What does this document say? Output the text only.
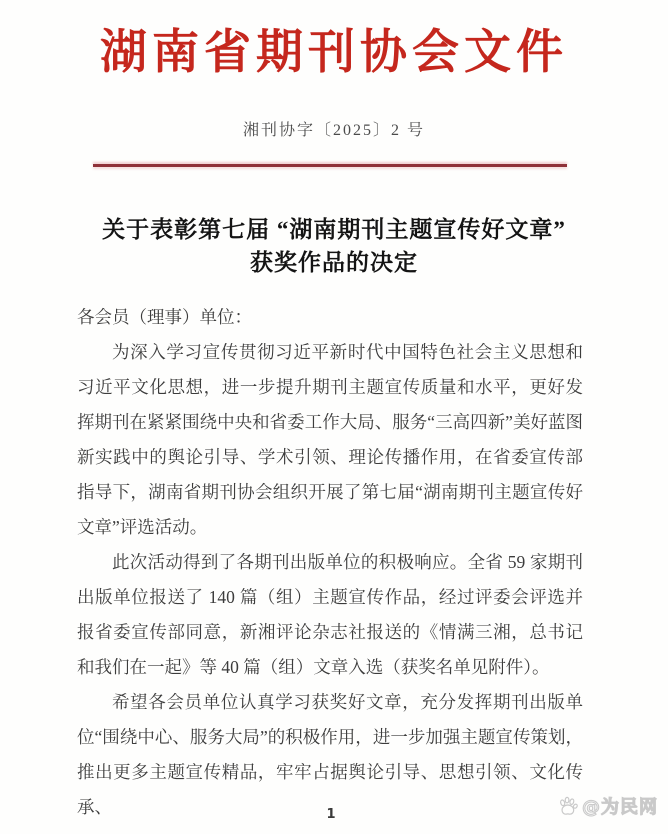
湖南省期刊协会文件
湘刊协字〔2025〕2 号
关于表彰第七届 “湖南期刊主题宣传好文章”
获奖作品的决定
各会员（理事）单位：

为深入学习宣传贯彻习近平新时代中国特色社会主义思想和习近平文化思想，进一步提升期刊主题宣传质量和水平，更好发挥期刊在紧紧围绕中央和省委工作大局、服务“三高四新”美好蓝图新实践中的舆论引导、学术引领、理论传播作用，在省委宣传部指导下，湖南省期刊协会组织开展了第七届“湖南期刊主题宣传好文章”评选活动。

此次活动得到了各期刊出版单位的积极响应。全省 59 家期刊出版单位报送了 140 篇（组）主题宣传作品，经过评委会评选并报省委宣传部同意，新湘评论杂志社报送的《情满三湘，总书记和我们在一起》等 40 篇（组）文章入选（获奖名单见附件）。

希望各会员单位认真学习获奖好文章，充分发挥期刊出版单位“围绕中心、服务大局”的积极作用，进一步加强主题宣传策划，推出更多主题宣传精品，牢牢占据舆论引导、思想引领、文化传承、	1	@为民网
